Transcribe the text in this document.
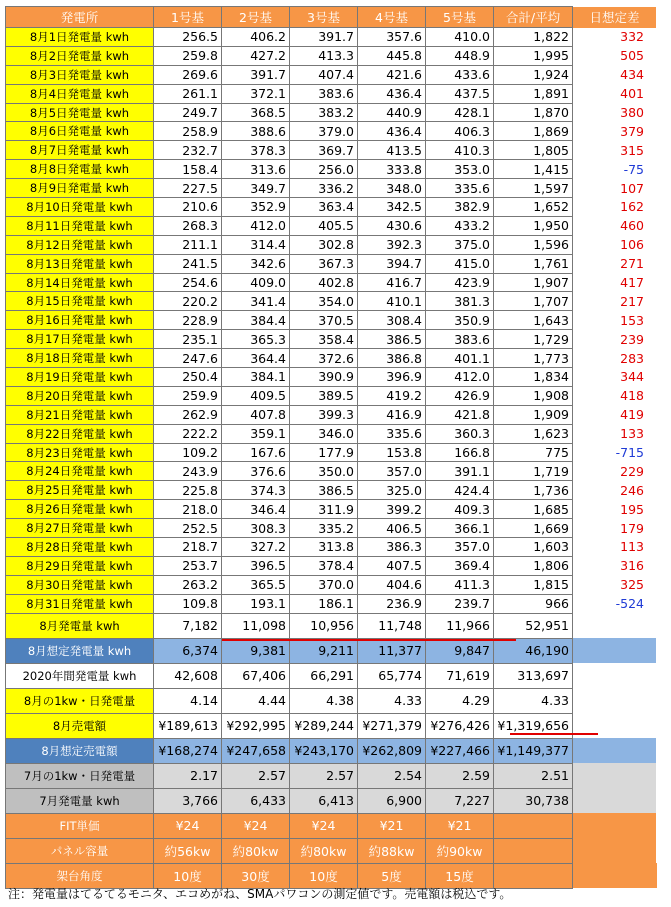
発電所	1号基	2号基	3号基	4号基	5号基	合計/平均	日想定差
8月1日発電量 kwh	256.5	406.2	391.7	357.6	410.0	1,822	332
8月2日発電量 kwh	259.8	427.2	413.3	445.8	448.9	1,995	505
8月3日発電量 kwh	269.6	391.7	407.4	421.6	433.6	1,924	434
8月4日発電量 kwh	261.1	372.1	383.6	436.4	437.5	1,891	401
8月5日発電量 kwh	249.7	368.5	383.2	440.9	428.1	1,870	380
8月6日発電量 kwh	258.9	388.6	379.0	436.4	406.3	1,869	379
8月7日発電量 kwh	232.7	378.3	369.7	413.5	410.3	1,805	315
8月8日発電量 kwh	158.4	313.6	256.0	333.8	353.0	1,415	-75
8月9日発電量 kwh	227.5	349.7	336.2	348.0	335.6	1,597	107
8月10日発電量 kwh	210.6	352.9	363.4	342.5	382.9	1,652	162
8月11日発電量 kwh	268.3	412.0	405.5	430.6	433.2	1,950	460
8月12日発電量 kwh	211.1	314.4	302.8	392.3	375.0	1,596	106
8月13日発電量 kwh	241.5	342.6	367.3	394.7	415.0	1,761	271
8月14日発電量 kwh	254.6	409.0	402.8	416.7	423.9	1,907	417
8月15日発電量 kwh	220.2	341.4	354.0	410.1	381.3	1,707	217
8月16日発電量 kwh	228.9	384.4	370.5	308.4	350.9	1,643	153
8月17日発電量 kwh	235.1	365.3	358.4	386.5	383.6	1,729	239
8月18日発電量 kwh	247.6	364.4	372.6	386.8	401.1	1,773	283
8月19日発電量 kwh	250.4	384.1	390.9	396.9	412.0	1,834	344
8月20日発電量 kwh	259.9	409.5	389.5	419.2	426.9	1,908	418
8月21日発電量 kwh	262.9	407.8	399.3	416.9	421.8	1,909	419
8月22日発電量 kwh	222.2	359.1	346.0	335.6	360.3	1,623	133
8月23日発電量 kwh	109.2	167.6	177.9	153.8	166.8	775	-715
8月24日発電量 kwh	243.9	376.6	350.0	357.0	391.1	1,719	229
8月25日発電量 kwh	225.8	374.3	386.5	325.0	424.4	1,736	246
8月26日発電量 kwh	218.0	346.4	311.9	399.2	409.3	1,685	195
8月27日発電量 kwh	252.5	308.3	335.2	406.5	366.1	1,669	179
8月28日発電量 kwh	218.7	327.2	313.8	386.3	357.0	1,603	113
8月29日発電量 kwh	253.7	396.5	378.4	407.5	369.4	1,806	316
8月30日発電量 kwh	263.2	365.5	370.0	404.6	411.3	1,815	325
8月31日発電量 kwh	109.8	193.1	186.1	236.9	239.7	966	-524
8月発電量 kwh	7,182	11,098	10,956	11,748	11,966	52,951	
8月想定発電量 kwh	6,374	9,381	9,211	11,377	9,847	46,190	
2020年間発電量 kwh	42,608	67,406	66,291	65,774	71,619	313,697	
8月の1kw・日発電量	4.14	4.44	4.38	4.33	4.29	4.33	
8月売電額	¥189,613	¥292,995	¥289,244	¥271,379	¥276,426	¥1,319,656	
8月想定売電額	¥168,274	¥247,658	¥243,170	¥262,809	¥227,466	¥1,149,377	
7月の1kw・日発電量	2.17	2.57	2.57	2.54	2.59	2.51	
7月発電量 kwh	3,766	6,433	6,413	6,900	7,227	30,738	
FIT単価	¥24	¥24	¥24	¥21	¥21		
パネル容量	約56kw	約80kw	約80kw	約88kw	約90kw		
架台角度	10度	30度	10度	5度	15度		
注：発電量はてるてるモニタ、エコめがね、SMAパワコンの測定値です。売電額は税込です。
